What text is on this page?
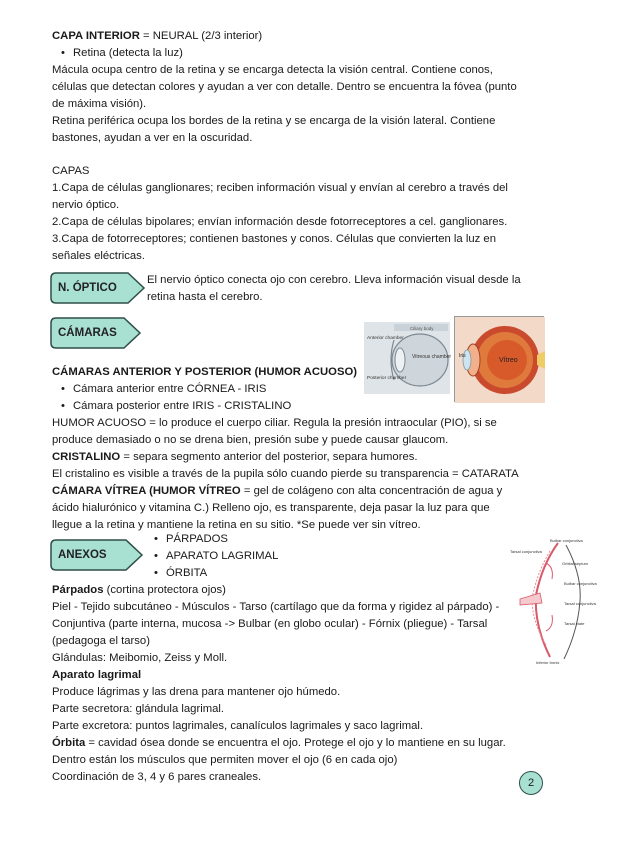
CAPA INTERIOR = NEURAL (2/3 interior)
• Retina (detecta la luz)
Mácula ocupa centro de la retina y se encarga detecta la visión central. Contiene conos,
células que detectan colores y ayudan a ver con detalle. Dentro se encuentra la fóvea (punto
de máxima visión).
Retina periférica ocupa los bordes de la retina y se encarga de la visión lateral. Contiene
bastones, ayudan a ver en la oscuridad.
CAPAS
1.Capa de células ganglionares; reciben información visual y envían al cerebro a través del
nervio óptico.
2.Capa de células bipolares; envían información desde fotorreceptores a cel. ganglionares.
3.Capa de fotorreceptores; contienen bastones y conos. Células que convierten la luz en
señales eléctricas.
N. ÓPTICO
El nervio óptico conecta ojo con cerebro. Lleva información visual desde la
retina hasta el cerebro.
CÁMARAS	Ciliary body
Anterior chamber
Vitreous chamber
Posterior chamber
Iris
Vítreo
CÁMARAS ANTERIOR Y POSTERIOR (HUMOR ACUOSO)
• Cámara anterior entre CÓRNEA - IRIS
• Cámara posterior entre IRIS - CRISTALINO
HUMOR ACUOSO = lo produce el cuerpo ciliar. Regula la presión intraocular (PIO), si se
produce demasiado o no se drena bien, presión sube y puede causar glaucom.
CRISTALINO = separa segmento anterior del posterior, separa humores.
El cristalino es visible a través de la pupila sólo cuando pierde su transparencia = CATARATA
CÁMARA VÍTREA (HUMOR VÍTREO = gel de colágeno con alta concentración de agua y
ácido hialurónico y vitamina C.) Relleno ojo, es transparente, deja pasar la luz para que
llegue a la retina y mantiene la retina en su sitio. *Se puede ver sin vítreo.
ANEXOS
• PÁRPADOS
• APARATO LAGRIMAL
• ÓRBITA
Bulbar conjunctiva
Tarsal conjunctiva
Orbital septum
Bulbar conjunctiva
Tarsal conjunctiva
Tarsal plate
Inferior fornix
Párpados (cortina protectora ojos)
Piel - Tejido subcutáneo - Músculos - Tarso (cartílago que da forma y rigidez al párpado) -
Conjuntiva (parte interna, mucosa -> Bulbar (en globo ocular) - Fórnix (pliegue) - Tarsal
(pedagoga el tarso)
Glándulas: Meibomio, Zeiss y Moll.
Aparato lagrimal
Produce lágrimas y las drena para mantener ojo húmedo.
Parte secretora: glándula lagrimal.
Parte excretora: puntos lagrimales, canalículos lagrimales y saco lagrimal.
Órbita = cavidad ósea donde se encuentra el ojo. Protege el ojo y lo mantiene en su lugar.
Dentro están los músculos que permiten mover el ojo (6 en cada ojo)
Coordinación de 3, 4 y 6 pares craneales.	2
